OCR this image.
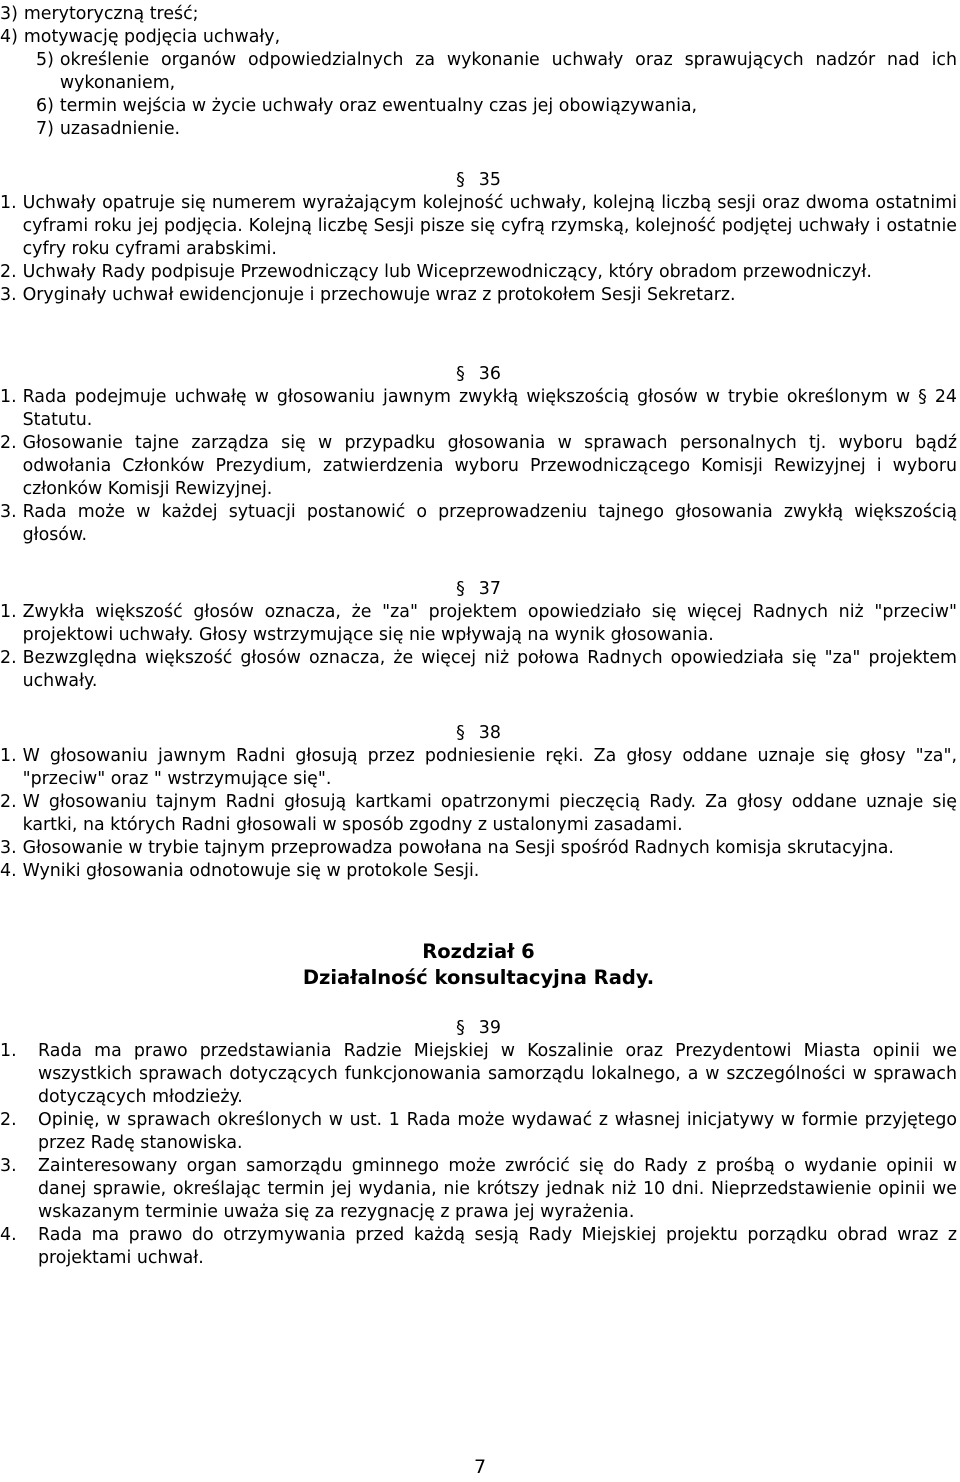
3) merytoryczną treść;
4) motywację podjęcia uchwały,
5) określenie organów odpowiedzialnych za wykonanie uchwały oraz sprawujących nadzór nad ich wykonaniem,
6) termin wejścia w życie uchwały oraz ewentualny czas jej obowiązywania,
7) uzasadnienie.

§ 35

1. Uchwały opatruje się numerem wyrażającym kolejność uchwały, kolejną liczbą sesji oraz dwoma ostatnimi cyframi roku jej podjęcia. Kolejną liczbę Sesji pisze się cyfrą rzymską, kolejność podjętej uchwały i ostatnie cyfry roku cyframi arabskimi.
2. Uchwały Rady podpisuje Przewodniczący lub Wiceprzewodniczący, który obradom przewodniczył.
3. Oryginały uchwał ewidencjonuje i przechowuje wraz z protokołem Sesji Sekretarz.

§ 36

1. Rada podejmuje uchwałę w głosowaniu jawnym zwykłą większością głosów w trybie określonym w § 24 Statutu.
2. Głosowanie tajne zarządza się w przypadku głosowania w sprawach personalnych tj. wyboru bądź odwołania Członków Prezydium, zatwierdzenia wyboru Przewodniczącego Komisji Rewizyjnej i wyboru członków Komisji Rewizyjnej.
3. Rada może w każdej sytuacji postanowić o przeprowadzeniu tajnego głosowania zwykłą większością głosów.

§ 37

1. Zwykła większość głosów oznacza, że "za" projektem opowiedziało się więcej Radnych niż "przeciw" projektowi uchwały. Głosy wstrzymujące się nie wpływają na wynik głosowania.
2. Bezwzględna większość głosów oznacza, że więcej niż połowa Radnych opowiedziała się "za" projektem uchwały.

§ 38

1. W głosowaniu jawnym Radni głosują przez podniesienie ręki. Za głosy oddane uznaje się głosy "za", "przeciw" oraz " wstrzymujące się".
2. W głosowaniu tajnym Radni głosują kartkami opatrzonymi pieczęcią Rady. Za głosy oddane uznaje się kartki, na których Radni głosowali w sposób zgodny z ustalonymi zasadami.
3. Głosowanie w trybie tajnym przeprowadza powołana na Sesji spośród Radnych komisja skrutacyjna.
4. Wyniki głosowania odnotowuje się w protokole Sesji.

Rozdział 6

Działalność konsultacyjna Rady.

§ 39

1.	Rada ma prawo przedstawiania Radzie Miejskiej w Koszalinie oraz Prezydentowi Miasta opinii we wszystkich sprawach dotyczących funkcjonowania samorządu lokalnego, a w szczególności w sprawach dotyczących młodzieży.
2.	Opinię, w sprawach określonych w ust. 1 Rada może wydawać z własnej inicjatywy w formie przyjętego przez Radę stanowiska.
3.	Zainteresowany organ samorządu gminnego może zwrócić się do Rady z prośbą o wydanie opinii w danej sprawie, określając termin jej wydania, nie krótszy jednak niż 10 dni. Nieprzedstawienie opinii we wskazanym terminie uważa się za rezygnację z prawa jej wyrażenia.
4.	Rada ma prawo do otrzymywania przed każdą sesją Rady Miejskiej projektu porządku obrad wraz z projektami uchwał.
7
